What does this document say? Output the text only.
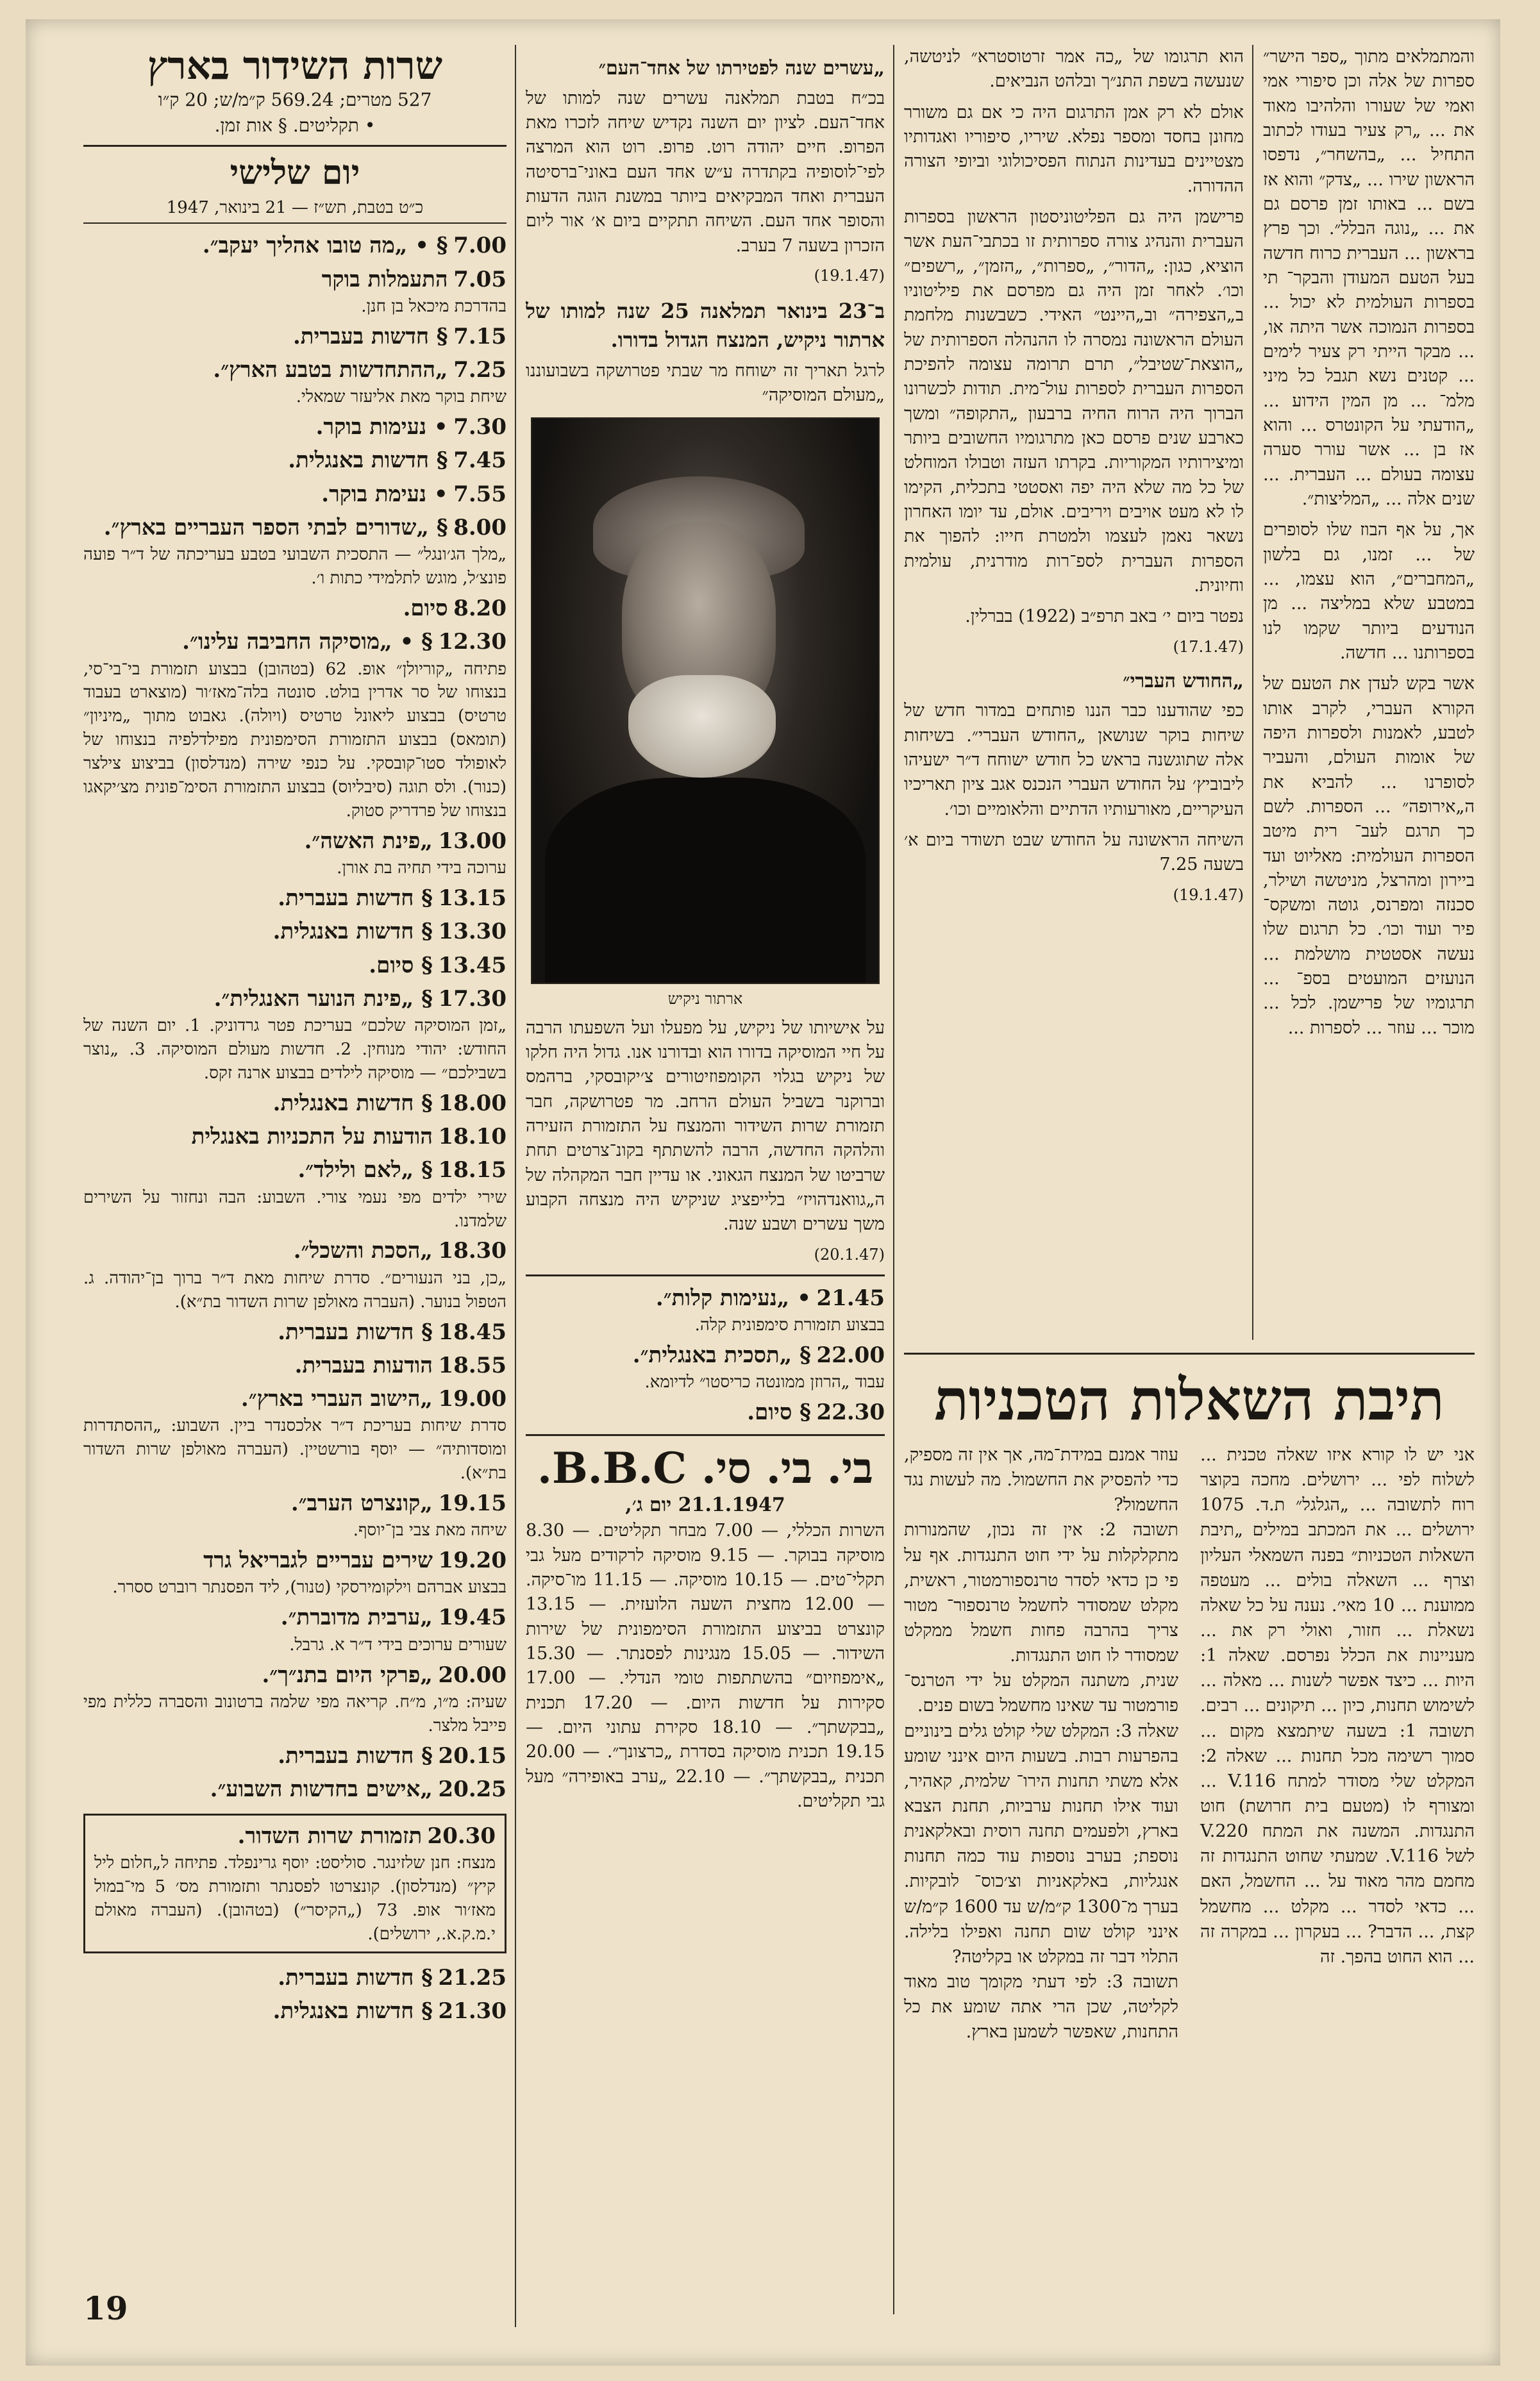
והמתמלאים מתוך „ספר הישר״ ספרות של אלה וכן סיפורי אמי ואמי של שעורו והלהיבו מאוד את ... „רק צעיר בעודו לכתוב התחיל ... „בהשחר״, נדפסו הראשון שירו ... „צדק״ והוא אז בשם ... באותו זמן פרסם גם את ... „נוגה הבלל״. וכך פרץ בראשון ... העברית כרוח חדשה בעל הטעם המעודן והבקר־ תי בספרות העולמית לא יכול ... בספרות הנמוכה אשר היתה או, ... מבקר הייתי רק צעיר לימים ... קטנים נשא תגבל כל מיני מלמ־ ... מן המין הידוע ... „הודעתי על הקונטרס ... והוא אז בן ... אשר עורר סערה עצומה בעולם ... העברית. ... שנים אלה ... „המליצות״.

אך, על אף הבוז שלו לסופרים של ... זמנו, גם בלשון „המחברים״, הוא עצמו, ... במטבע שלא במליצה ... מן הנודעים ביותר שקמו לנו בספרותנו ... חדשה.

אשר בקש לעדן את הטעם של הקורא העברי, לקרב אותו לטבע, לאמנות ולספרות היפה של אומות העולם, והעביר לסופרנו ... להביא את ה„אירופה״ ... הספרות. לשם כך תרגם לעב־ רית מיטב הספרות העולמית: מאליוט ועד ביירון ומהרצל, מניטשה ושילר, סכנזה ומפרנס, גוטה ומשקס־ פיר ועוד וכו׳. כל תרגום שלו נעשה אסטטית מושלמת ... הנועזים המועטים בספ־ ... תרגומיו של פרישמן. לכל ... מוכר ... עוזר ... לספרות ...

הוא תרגומו של „כה אמר זרטוסטרא״ לניטשה, שנעשה בשפת התנ״ך ובלהט הנביאים.

אולם לא רק אמן התרגום היה כי אם גם משורר מחונן בחסד ומספר נפלא. שיריו, סיפוריו ואגדותיו מצטיינים בעדינות הנתוח הפסיכולוגי וביופי הצורה ההדורה.

פרישמן היה גם הפליטוניסטון הראשון בספרות העברית והנהיג צורה ספרותית זו בכתבי־העת אשר הוציא, כגון: „הדור״, „ספרות״, „הזמן״, „רשפים״ וכו׳. לאחר זמן היה גם מפרסם את פיליטוניו ב„הצפירה״ וב„היינט״ האידי. כשבשנות מלחמת העולם הראשונה נמסרה לו ההנהלה הספרותית של „הוצאת־שטיבל״, תרם תרומה עצומה להפיכת הספרות העברית לספרות עול־מית. תודות לכשרונו הברוך היה הרוח החיה ברבעון „התקופה״ ומשך כארבע שנים פרסם כאן מתרגומיו החשובים ביותר ומיצירותיו המקוריות. בקרתו העזה וטבולו המוחלט של כל מה שלא היה יפה ואסטטי בתכלית, הקימו לו לא מעט אויבים ויריבים. אולם, עד יומו האחרון נשאר נאמן לעצמו ולמטרת חייו: להפוך את הספרות העברית לספ־רות מודרנית, עולמית וחיונית.

נפטר ביום י׳ באב תרפ״ב (1922) בברלין.

(17.1.47)
„החודש העברי״

כפי שהודענו כבר הננו פותחים במדור חדש של שיחות בוקר שנושאן „החודש העברי״. בשיחות אלה שתוגשנה בראש כל חודש ישוחח ד״ר ישעיהו ליבוביץ׳ על החודש העברי הנכנס אגב ציון תאריכיו העיקריים, מאורעותיו הדתיים והלאומיים וכו׳.

השיחה הראשונה על החודש שבט תשודר ביום א׳ בשעה 7.25

(19.1.47)
תיבת השאלות הטכניות
אני יש לו קורא איזו שאלה טכנית ... לשלוח לפי ... ירושלים. מחכה בקוצר רוח לתשובה ... „הגלגל״ ת.ד. 1075 ירושלים ... את המכתב במילים „תיבת השאלות הטכניות״ בפנה השמאלי העליון וצרף ... השאלה בולים ... מעטפה ממוענת ... 10 מאי׳. נענה על כל שאלה נשאלת ... חזור, ואולי רק את ... מעניינות את הכלל נפרסם. שאלה 1: היות ... כיצד אפשר לשנות ... מאלה ... לשימוש תחנות, כיון ... תיקונים ... רבים. תשובה 1: בשעה שיתמצא מקום ... סמוך רשימה מכל תחנות ... שאלה 2: המקלט שלי מסודר למתח V.116 ... ומצורף לו (מטעם בית חרושת) חוט התנגדות. המשנה את המתח V.220 לשל V.116. שמעתי שחוט התנגדות זה מחמם מהר מאוד על ... החשמל, האם ... כדאי לסדר ... מקלט ... מחשמל קצת, ... הדבר? ... בעקרון ... במקרה זה ... הוא החוט בהפך. זה
עוזר אמנם במידת־מה, אך אין זה מספיק, כדי להפסיק את החשמול. מה לעשות נגד החשמול?
תשובה 2: אין זה נכון, שהמנורות מתקלקלות על ידי חוט התנגדות. אף על פי כן כדאי לסדר טרנספורמטור, ראשית, מקלט שמסודר לחשמל טרנספור־ מטור צריך בהרבה פחות חשמל ממקלט שמסודר לו חוט התנגדות.
שנית, משתנה המקלט על ידי הטרנס־ פורמטור עד שאינו מחשמל בשום פנים.
שאלה 3: המקלט שלי קולט גלים בינוניים בהפרעות רבות. בשעות היום אינני שומע אלא משתי תחנות הירו־ שלמית, קאהיר, ועוד אילו תחנות ערביות, תחנת הצבא בארץ, ולפעמים תחנה רוסית ובאלקאנית נוספת; בערב נוספות עוד כמה תחנות אנגליות, באלקאניות וצ׳כוס־ לובקיות. בערך מ־1300 ק״מ/ש עד 1600 ק״מ/ש אינני קולט שום תחנה ואפילו בלילה. התלוי דבר זה במקלט או בקליטה?
תשובה 3: לפי דעתי מקומך טוב מאוד לקליטה, שכן הרי אתה שומע את כל התחנות, שאפשר לשמען בארץ.
„עשרים שנה לפטירתו של אחד־העם״

בכ״ח בטבת תמלאנה עשרים שנה למותו של אחד־העם. לציון יום השנה נקדיש שיחה לזכרו מאת הפרופ. חיים יהודה רוט. פרופ. רוט הוא המרצה לפי־לוסופיה בקתדרה ע״ש אחד העם באוני־ברסיטה העברית ואחד המבקיאים ביותר במשנת הוגה הדעות והסופר אחד העם. השיחה תתקיים ביום א׳ אור ליום הזכרון בשעה 7 בערב.

(19.1.47)
ב־23 בינואר תמלאנה 25 שנה למותו של ארתור ניקיש, המנצח הגדול בדורו.

לרגל תאריך זה ישוחח מר שבתי פטרושקה בשבועוננו „מעולם המוסיקה״

ארתור ניקיש

על אישיותו של ניקיש, על מפעלו ועל השפעתו הרבה על חיי המוסיקה בדורו הוא ובדורנו אנו. גדול היה חלקו של ניקיש בגלוי הקומפוזיטורים צ׳יקובסקי, ברהמס וברוקנר בשביל העולם הרחב. מר פטרושקה, חבר תזמורת שרות השידור והמנצח על התזמורת הזעירה והלהקה החדשה, הרבה להשתתף בקונ־צרטים תחת שרביטו של המנצח הגאוני. או עדיין חבר המקהלה של ה„גוואנדהויז״ בלייפציג שניקיש היה מנצחה הקבוע משך עשרים ושבע שנה.

(20.1.47)
21.45 • „נעימות קלות״.
בבצוע תזמורת סימפונית קלה.
22.00 § „תסכית באנגלית״.
עבוד „הרוזן ממונטה כריסטו״ לדיומא.
22.30 § סיום.
בי. בי. סי. B.B.C.
21.1.1947 יום ג׳,

השרות הכללי, — 7.00 מבחר תקליטים. — 8.30 מוסיקה בבוקר. — 9.15 מוסיקה לרקודים מעל גבי תקלי־טים. — 10.15 מוסיקה. — 11.15 מו־סיקה. — 12.00 מחצית השעה הלועזית. — 13.15 קונצרט בביצוע התזמורת הסימפונית של שירות השידור. — 15.05 מנגינות לפסנתר. — 15.30 „אימפוזיום״ בהשתתפות טומי הנדלי. — 17.00 סקירות על חדשות היום. — 17.20 תכנית „בבקשתך״. — 18.10 סקירת עתוני היום. — 19.15 תכנית מוסיקה בסדרת „כרצונך״. — 20.00 תכנית „בבקשתך״. — 22.10 „ערב באופירה״ מעל גבי תקליטים.

שרות השידור בארץ
527 מטרים; 569.24 ק״מ/ש; 20 ק״ו
• תקליטים. § אות זמן.
יום שלישי
כ״ט בטבת, תש״ז — 21 בינואר, 1947
7.00 § • „מה טובו אהליך יעקב״.
7.05 התעמלות בוקר
בהדרכת מיכאל בן חנן.
7.15 § חדשות בעברית.
7.25 „ההתחדשות בטבע הארץ״.
שיחת בוקר מאת אליעזר שמאלי.
7.30 • נעימות בוקר.
7.45 § חדשות באנגלית.
7.55 • נעימת בוקר.
8.00 § „שדורים לבתי הספר העבריים בארץ״.
„מלך הג׳ונגל״ — התסכית השבועי בטבע בעריכתה של ד״ר פועה פונצ׳ל, מוגש לתלמידי כתות ו׳.
8.20 סיום.
12.30 § • „מוסיקה החביבה עלינו״.
פתיחה „קוריולן״ אופ. 62 (בטהובן) בבצוע תזמורת בי־בי־סי, בנצוחו של סר אדרין בולט. סונטה בלה־מאז׳ור (מוצארט בעבוד טרטיס) בבצוע ליאונל טרטיס (ויולה). גאבוט מתוך „מיניון״ (תומאס) בבצוע התזמורת הסימפונית מפילדלפיה בנצוחו של לאופולד סטו־קובסקי. על כנפי שירה (מנדלסון) בביצוע צילצר (כנור). ולס תוגה (סיבליוס) בבצוע התזמורת הסימ־פונית מצ׳יקאגו בנצוחו של פרדריק סטוק.
13.00 „פינת האשה״.
ערוכה בידי תחיה בת אורן.
13.15 § חדשות בעברית.
13.30 § חדשות באנגלית.
13.45 § סיום.
17.30 § „פינת הנוער האנגלית״.
„זמן המוסיקה שלכם״ בעריכת פטר גרדוניק. 1. יום השנה של החודש: יהודי מנוחין. 2. חדשות מעולם המוסיקה. 3. „נוצר בשבילכם״ — מוסיקה לילדים בבצוע ארנה זקס.
18.00 § חדשות באנגלית.
18.10 הודעות על התכניות באנגלית
18.15 § „לאם ולילד״.
שירי ילדים מפי נעמי צורי. השבוע: הבה ונחזור על השירים שלמדנו.
18.30 „הסכת והשכל״.
„כן, בני הנעורים״. סדרת שיחות מאת ד״ר ברוך בן־יהודה. ג. הטפול בנוער. (העברה מאולפן שרות השדור בת״א).
18.45 § חדשות בעברית.
18.55 הודעות בעברית.
19.00 „הישוב העברי בארץ״.
סדרת שיחות בעריכת ד״ר אלכסנדר ביין. השבוע: „ההסתדרות ומוסדותיה״ — יוסף בורשטיין. (העברה מאולפן שרות השדור בת״א).
19.15 „קונצרט הערב״.
שיחה מאת צבי בן־יוסף.
19.20 שירים עבריים לגבריאל גרד
בבצוע אברהם וילקומירסקי (טנור), ליד הפסנתר רוברט ססרר.
19.45 „ערבית מדוברת״.
שעורים ערוכים בידי ד״ר א. גרבל.
20.00 „פרקי היום בתנ״ך״.
שעיה: מ״ו, מ״ח. קריאה מפי שלמה ברטונוב והסברה כללית מפי פייבל מלצר.
20.15 § חדשות בעברית.
20.25 „אישים בחדשות השבוע״.
20.30 תזמורת שרות השדור.
מנצח: חנן שלזינגר. סוליסט: יוסף גרינפלד. פתיחה ל„חלום ליל קיץ״ (מנדלסון). קונצרטו לפסנתר ותזמורת מס׳ 5 מי־במול מאז׳ור אופ. 73 („הקיסר״) (בטהובן). (העברה מאולם י.מ.ק.א., ירושלים).
21.25 § חדשות בעברית.
21.30 § חדשות באנגלית.
19
